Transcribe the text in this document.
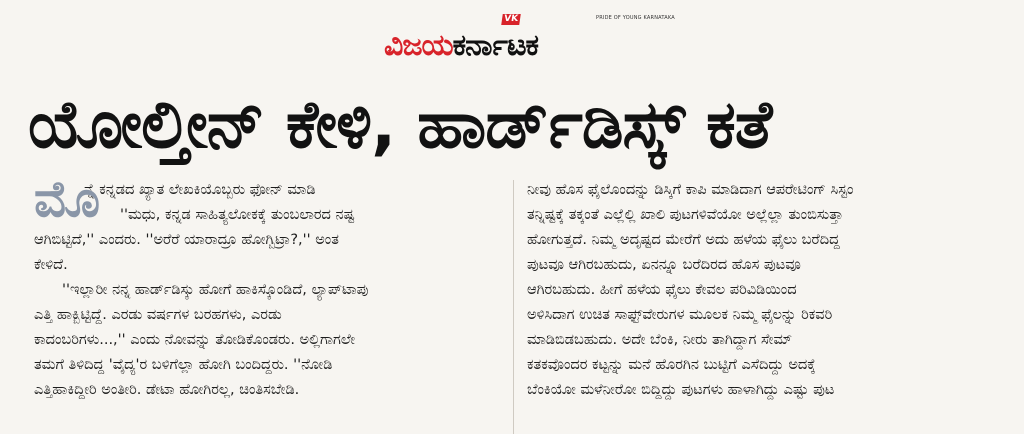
VK	PRIDE OF YOUNG KARNATAKA
ವಿಜಯಕರ್ನಾಟಕ
ಯೋಲ್ತೀನ್ ಕೇಳಿ, ಹಾರ್ಡ್‌ಡಿಸ್ಕ್ ಕತೆ
ಮೊ
ನ್ನೆ ಕನ್ನಡದ ಖ್ಯಾತ ಲೇಖಕಿಯೊಬ್ಬರು ಫೋನ್ ಮಾಡಿ
''ಮಧು, ಕನ್ನಡ ಸಾಹಿತ್ಯಲೋಕಕ್ಕೆ ತುಂಬಲಾರದ ನಷ್ಟ
ಆಗಿಬಿಟ್ಟಿದೆ,'' ಎಂದರು. ''ಅರೆರೆ ಯಾರಾದ್ರೂ ಹೋಗ್ಬಿಟ್ರಾ?,'' ಅಂತ
ಕೇಳಿದೆ.
''ಇಲ್ಲಾರೀ ನನ್ನ ಹಾರ್ಡ್‌ಡಿಸ್ಕು ಹೋಗೆ ಹಾಕಿಸ್ಕೊಂಡಿದೆ, ಲ್ಯಾಪ್‌ಟಾಪು
ಎತ್ತಿ ಹಾಕ್ಬಿಟ್ಟಿದ್ದೆ. ಎರಡು ವರ್ಷಗಳ ಬರಹಗಳು, ಎರಡು
ಕಾದಂಬರಿಗಳು...,'' ಎಂದು ನೋವನ್ನು ತೋಡಿಕೊಂಡರು. ಅಲ್ಲಿಗಾಗಲೇ
ತಮಗೆ ತಿಳಿದಿದ್ದ 'ವೈದ್ಯ'ರ ಬಳಿಗೆಲ್ಲಾ ಹೋಗಿ ಬಂದಿದ್ದರು. ''ನೋಡಿ
ಎತ್ತಿಹಾಕಿದ್ದೀರಿ ಅಂತೀರಿ. ಡೇಟಾ ಹೋಗಿರಲ್ಲ, ಚಿಂತಿಸಬೇಡಿ.
ನೀವು ಹೊಸ ಫೈಲೊಂದನ್ನು ಡಿಸ್ಕಿಗೆ ಕಾಪಿ ಮಾಡಿದಾಗ ಆಪರೇಟಿಂಗ್ ಸಿಸ್ಟಂ
ತನ್ನಿಷ್ಟಕ್ಕೆ ತಕ್ಕಂತೆ ಎಲ್ಲೆಲ್ಲಿ ಖಾಲಿ ಪುಟಗಳಿವೆಯೋ ಅಲ್ಲೆಲ್ಲಾ ತುಂಬಿಸುತ್ತಾ
ಹೋಗುತ್ತದೆ. ನಿಮ್ಮ ಅದೃಷ್ಟದ ಮೇರೆಗೆ ಅದು ಹಳೆಯ ಫೈಲು ಬರೆದಿದ್ದ
ಪುಟವೂ ಆಗಿರಬಹುದು, ಏನನ್ನೂ ಬರೆದಿರದ ಹೊಸ ಪುಟವೂ
ಆಗಿರಬಹುದು. ಹೀಗೆ ಹಳೆಯ ಫೈಲು ಕೇವಲ ಪರಿವಿಡಿಯಿಂದ
ಅಳಿಸಿದಾಗ ಉಚಿತ ಸಾಫ್ಟ್‌ವೇರುಗಳ ಮೂಲಕ ನಿಮ್ಮ ಫೈಲನ್ನು ರಿಕವರಿ
ಮಾಡಿಬಿಡಬಹುದು. ಅದೇ ಬೆಂಕಿ, ನೀರು ತಾಗಿದ್ದಾಗ ಸೇಮ್
ಕತಕವೊಂದರ ಕಟ್ಟನ್ನು ಮನೆ ಹೊರಗಿನ ಬುಟ್ಟಿಗೆ ಎಸೆದಿದ್ದು ಅದಕ್ಕೆ
ಬೆಂಕಿಯೋ ಮಳೆನೀರೋ ಬಿದ್ದಿದ್ದು ಪುಟಗಳು ಹಾಳಾಗಿದ್ದು ಎಷ್ಟು ಪುಟ
